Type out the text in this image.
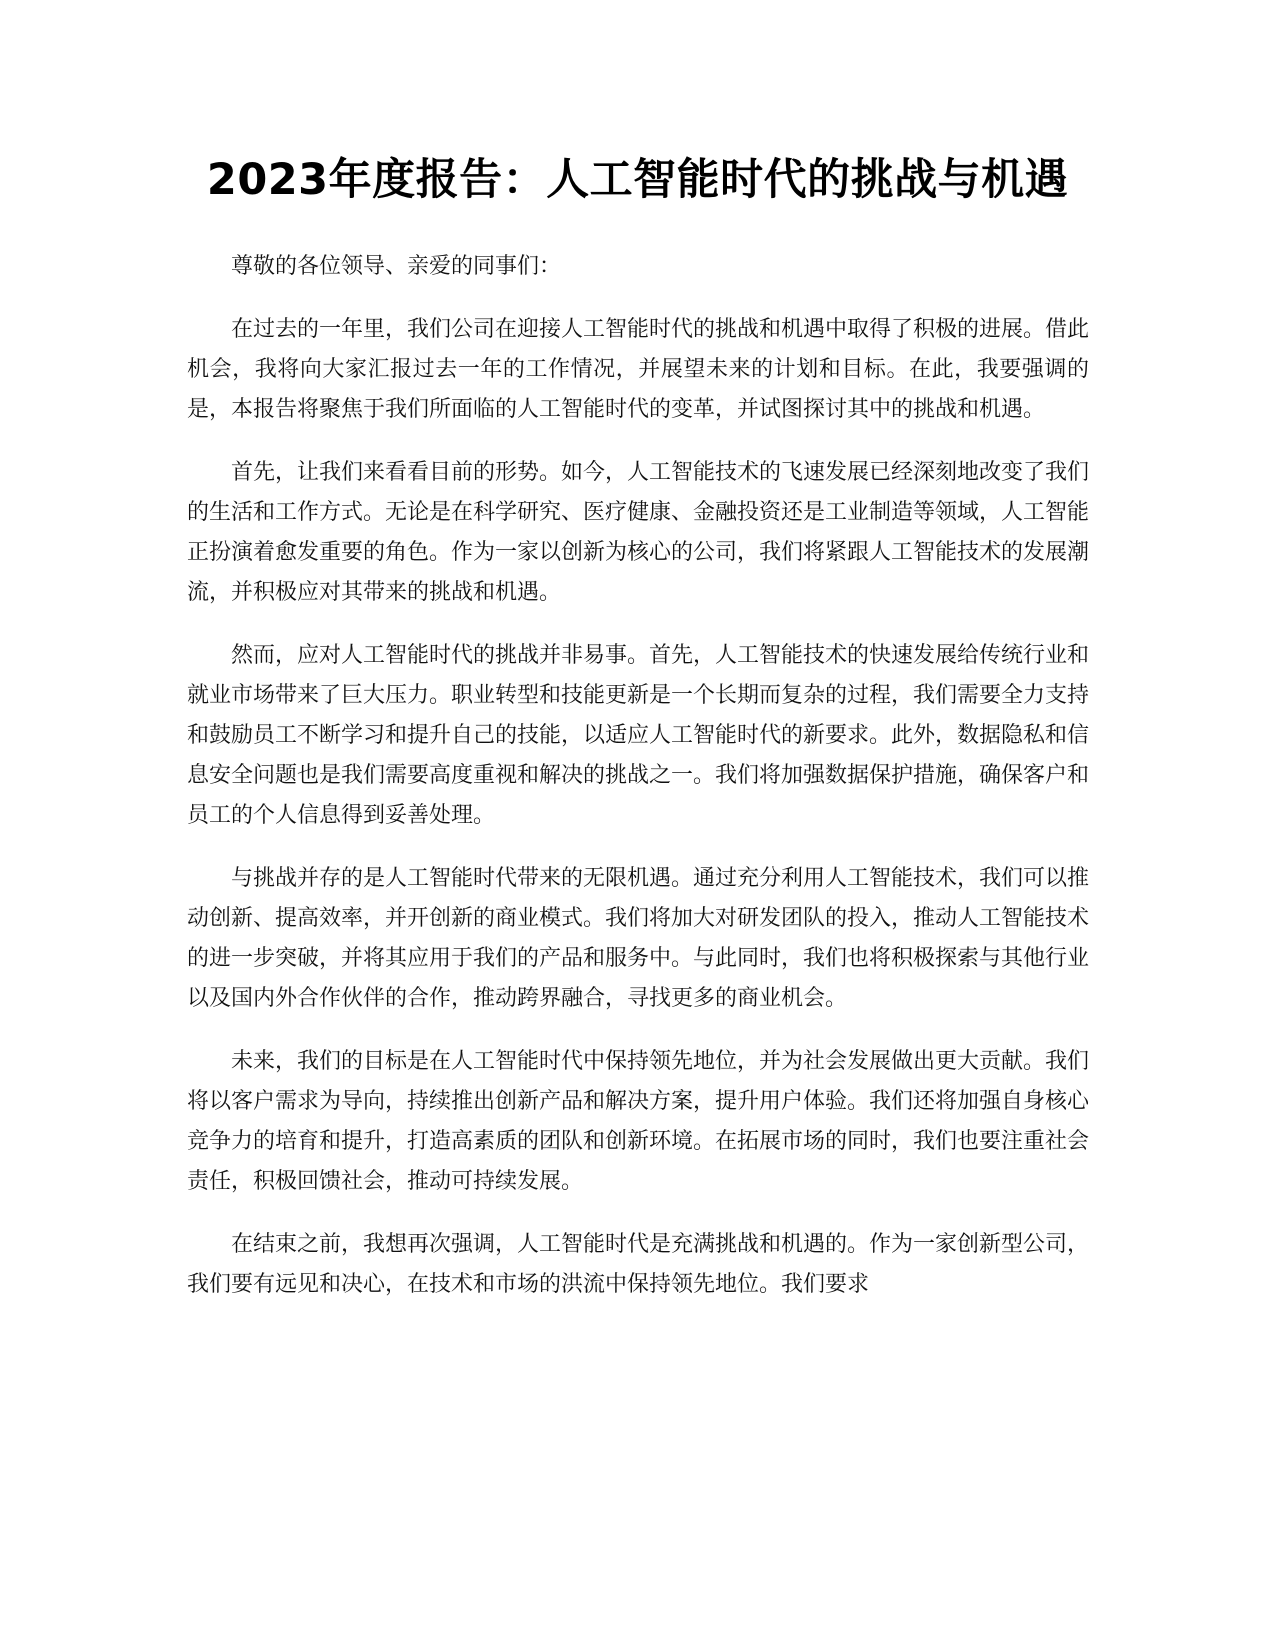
2023年度报告：人工智能时代的挑战与机遇

尊敬的各位领导、亲爱的同事们：

在过去的一年里，我们公司在迎接人工智能时代的挑战和机遇中取得了积极的进展。借此机会，我将向大家汇报过去一年的工作情况，并展望未来的计划和目标。在此，我要强调的是，本报告将聚焦于我们所面临的人工智能时代的变革，并试图探讨其中的挑战和机遇。

首先，让我们来看看目前的形势。如今，人工智能技术的飞速发展已经深刻地改变了我们的生活和工作方式。无论是在科学研究、医疗健康、金融投资还是工业制造等领域，人工智能正扮演着愈发重要的角色。作为一家以创新为核心的公司，我们将紧跟人工智能技术的发展潮流，并积极应对其带来的挑战和机遇。

然而，应对人工智能时代的挑战并非易事。首先，人工智能技术的快速发展给传统行业和就业市场带来了巨大压力。职业转型和技能更新是一个长期而复杂的过程，我们需要全力支持和鼓励员工不断学习和提升自己的技能，以适应人工智能时代的新要求。此外，数据隐私和信息安全问题也是我们需要高度重视和解决的挑战之一。我们将加强数据保护措施，确保客户和员工的个人信息得到妥善处理。

与挑战并存的是人工智能时代带来的无限机遇。通过充分利用人工智能技术，我们可以推动创新、提高效率，并开创新的商业模式。我们将加大对研发团队的投入，推动人工智能技术的进一步突破，并将其应用于我们的产品和服务中。与此同时，我们也将积极探索与其他行业以及国内外合作伙伴的合作，推动跨界融合，寻找更多的商业机会。

未来，我们的目标是在人工智能时代中保持领先地位，并为社会发展做出更大贡献。我们将以客户需求为导向，持续推出创新产品和解决方案，提升用户体验。我们还将加强自身核心竞争力的培育和提升，打造高素质的团队和创新环境。在拓展市场的同时，我们也要注重社会责任，积极回馈社会，推动可持续发展。

在结束之前，我想再次强调，人工智能时代是充满挑战和机遇的。作为一家创新型公司，我们要有远见和决心，在技术和市场的洪流中保持领先地位。我们要求
